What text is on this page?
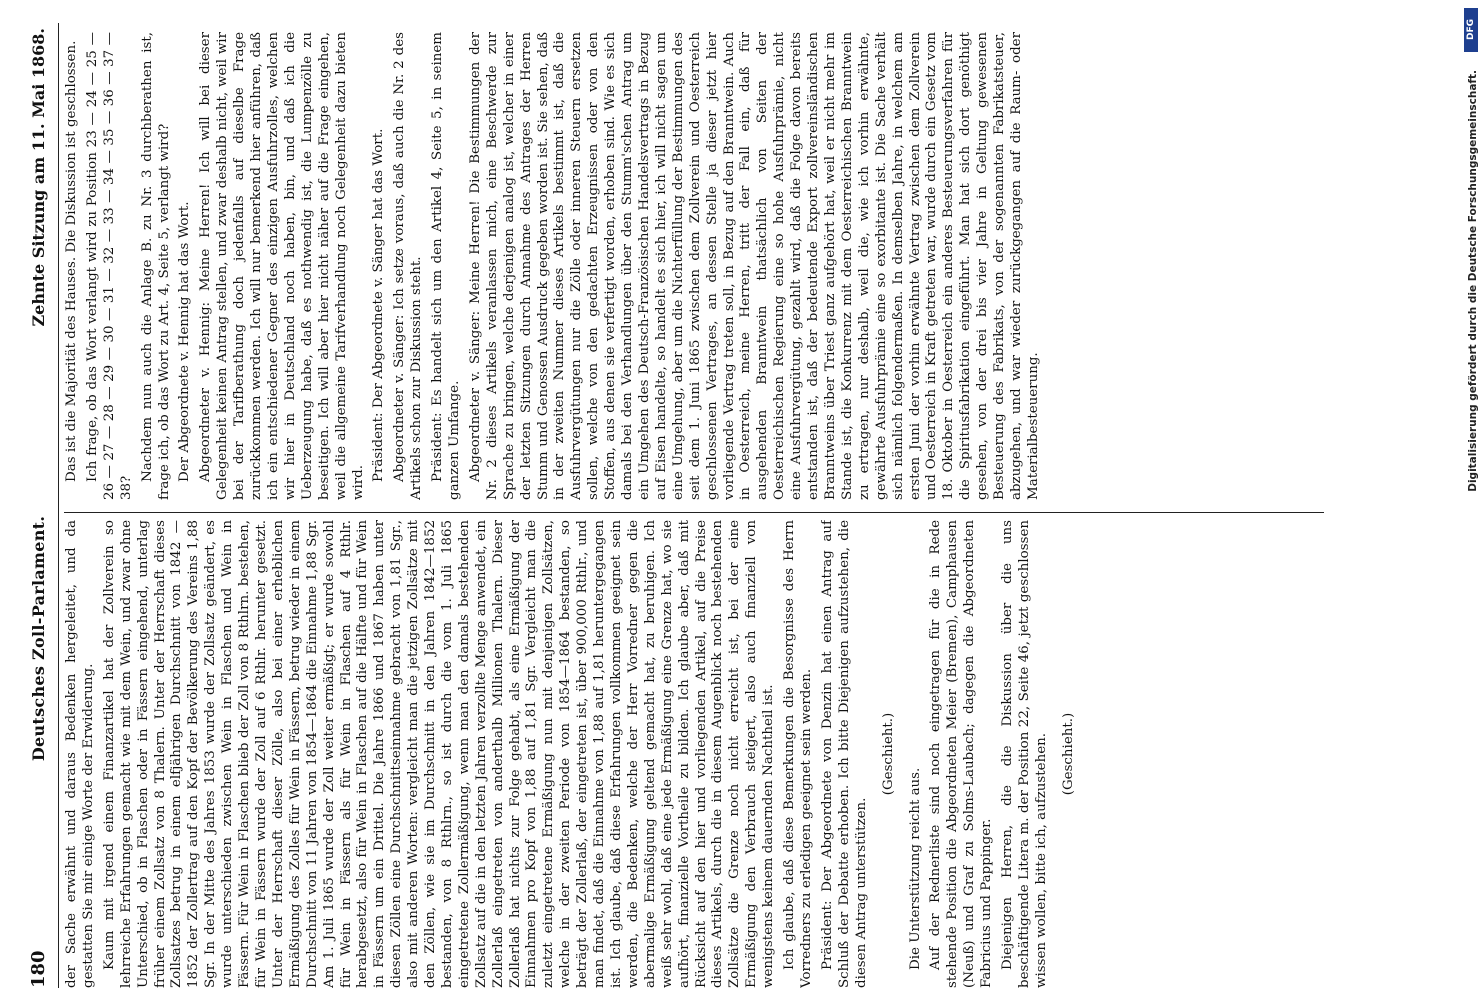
180
Deutsches Zoll-Parlament.
Zehnte Sitzung am 11. Mai 1868.

der Sache erwähnt und daraus Bedenken hergeleitet, und da gestatten Sie mir einige Worte der Erwiderung. Kaum mit irgend einem Finanzartikel hat der Zollverein so lehrreiche Erfahrungen gemacht wie mit dem Wein, und zwar ohne Unterschied, ob in Flaschen oder in Fässern eingehend, unterlag früher einem Zollsatz von 8 Thalern. Unter der Herrschaft dieses Zollsatzes betrug in einem elfjährigen Durchschnitt von 1842 — 1852 der Zollertrag auf den Kopf der Bevölkerung des Vereins 1,88 Sgr. In der Mitte des Jahres 1853 wurde der Zollsatz geändert, es wurde unterschieden zwischen Wein in Flaschen und Wein in Fässern. Für Wein in Flaschen blieb der Zoll von 8 Rthlrn. bestehen, für Wein in Fässern wurde der Zoll auf 6 Rthlr. herunter gesetzt. Unter der Herrschaft dieser Zölle, also bei einer erheblichen Ermäßigung des Zolles für Wein in Fässern, betrug wieder in einem Durchschnitt von 11 Jahren von 1854—1864 die Einnahme 1,88 Sgr. Am 1. Juli 1865 wurde der Zoll weiter ermäßigt; er wurde sowohl für Wein in Fässern als für Wein in Flaschen auf 4 Rthlr. herabgesetzt, also für Wein in Flaschen auf die Hälfte und für Wein in Fässern um ein Drittel. Die Jahre 1866 und 1867 haben unter diesen Zöllen eine Durchschnittseinnahme gebracht von 1,81 Sgr., also mit anderen Worten: vergleicht man die jetzigen Zollsätze mit den Zöllen, wie sie im Durchschnitt in den Jahren 1842—1852 bestanden, von 8 Rthlrn., so ist durch die vom 1. Juli 1865 eingetretene Zollermäßigung, wenn man den damals bestehenden Zollsatz auf die in den letzten Jahren verzollte Menge anwendet, ein Zollerlaß eingetreten von anderthalb Millionen Thalern. Dieser Zollerlaß hat nichts zur Folge gehabt, als eine Ermäßigung der Einnahmen pro Kopf von 1,88 auf 1,81 Sgr. Vergleicht man die zuletzt eingetretene Ermäßigung nun mit denjenigen Zollsätzen, welche in der zweiten Periode von 1854—1864 bestanden, so beträgt der Zollerlaß, der eingetreten ist, über 900,000 Rthlr., und man findet, daß die Einnahme von 1,88 auf 1,81 heruntergegangen ist. Ich glaube, daß diese Erfahrungen vollkommen geeignet sein werden, die Bedenken, welche der Herr Vorredner gegen die abermalige Ermäßigung geltend gemacht hat, zu beruhigen. Ich weiß sehr wohl, daß eine jede Ermäßigung eine Grenze hat, wo sie aufhört, finanzielle Vortheile zu bilden. Ich glaube aber, daß mit Rücksicht auf den hier und vorliegenden Artikel, auf die Preise dieses Artikels, durch die in diesem Augenblick noch bestehenden Zollsätze die Grenze noch nicht erreicht ist, bei der eine Ermäßigung den Verbrauch steigert, also auch finanziell von wenigstens keinem dauernden Nachtheil ist. Ich glaube, daß diese Bemerkungen die Besorgnisse des Herrn Vorredners zu erledigen geeignet sein werden. Präsident: Der Abgeordnete von Denzin hat einen Antrag auf Schluß der Debatte erhoben. Ich bitte Diejenigen aufzustehen, die diesen Antrag unterstützen.

(Geschieht.)

Die Unterstützung reicht aus. Auf der Rednerliste sind noch eingetragen für die in Rede stehende Position die Abgeordneten Meier (Bremen), Camphausen (Neuß) und Graf zu Solms-Laubach; dagegen die Abgeordneten Fabricius und Pappinger. Diejenigen Herren, die die Diskussion über die uns beschäftigende Litera m. der Position 22, Seite 46, jetzt geschlossen wissen wollen, bitte ich, aufzustehen. (Geschieht.)

Das ist die Majorität des Hauses. Die Diskussion ist geschlossen. Ich frage, ob das Wort verlangt wird zu Position 23 — 24 — 25 — 26 — 27 — 28 — 29 — 30 — 31 — 32 — 33 — 34 — 35 — 36 — 37 — 38?

Nachdem nun auch die Anlage B. zu Nr. 3 durchberathen ist, frage ich, ob das Wort zu Art. 4, Seite 5, verlangt wird? Der Abgeordnete v. Hennig hat das Wort. Abgeordneter v. Hennig: Meine Herren! Ich will bei dieser Gelegenheit keinen Antrag stellen, und zwar deshalb nicht, weil wir bei der Tarifberathung doch jedenfalls auf dieselbe Frage zurückkommen werden. Ich will nur bemerkend hier anführen, daß ich ein entschiedener Gegner des einzigen Ausfuhrzolles, welchen wir hier in Deutschland noch haben, bin, und daß ich die Ueberzeugung habe, daß es nothwendig ist, die Lumpenzölle zu beseitigen. Ich will aber hier nicht näher auf die Frage eingehen, weil die allgemeine Tarifverhandlung noch Gelegenheit dazu bieten wird.

Präsident: Der Abgeordnete v. Sänger hat das Wort. Abgeordneter v. Sänger: Ich setze voraus, daß auch die Nr. 2 des Artikels schon zur Diskussion steht. Präsident: Es handelt sich um den Artikel 4, Seite 5, in seinem ganzen Umfange. Abgeordneter v. Sänger: Meine Herren! Die Bestimmungen der Nr. 2 dieses Artikels veranlassen mich, eine Beschwerde zur Sprache zu bringen, welche derjenigen analog ist, welcher in einer der letzten Sitzungen durch Annahme des Antrages der Herren Stumm und Genossen Ausdruck gegeben worden ist. Sie sehen, daß in der zweiten Nummer dieses Artikels bestimmt ist, daß die Ausfuhrvergütungen nur die Zölle oder inneren Steuern ersetzen sollen, welche von den gedachten Erzeugnissen oder von den Stoffen, aus denen sie verfertigt worden, erhoben sind. Wie es sich damals bei den Verhandlungen über den Stumm'schen Antrag um ein Umgehen des Deutsch-Französischen Handelsvertrags in Bezug auf Eisen handelte, so handelt es sich hier, ich will nicht sagen um eine Umgehung, aber um die Nichterfüllung der Bestimmungen des seit dem 1. Juni 1865 zwischen dem Zollverein und Oesterreich geschlossenen Vertrages, an dessen Stelle ja dieser jetzt hier vorliegende Vertrag treten soll, in Bezug auf den Branntwein. Auch in Oesterreich, meine Herren, tritt der Fall ein, daß für ausgehenden Branntwein thatsächlich von Seiten der Oesterreichischen Regierung eine so hohe Ausfuhrprämie, nicht eine Ausfuhrvergütung, gezahlt wird, daß die Folge davon bereits entstanden ist, daß der bedeutende Export zollvereinsländischen Branntweins über Triest ganz aufgehört hat, weil er nicht mehr im Stande ist, die Konkurrenz mit dem Oesterreichischen Branntwein zu ertragen, nur deshalb, weil die, wie ich vorhin erwähnte, gewährte Ausfuhrprämie eine so exorbitante ist. Die Sache verhält sich nämlich folgendermaßen. In demselben Jahre, in welchem am ersten Juni der vorhin erwähnte Vertrag zwischen dem Zollverein und Oesterreich in Kraft getreten war, wurde durch ein Gesetz vom 18. Oktober in Oesterreich ein anderes Besteuerungsverfahren für die Spiritusfabrikation eingeführt. Man hat sich dort genöthigt gesehen, von der drei bis vier Jahre in Geltung gewesenen Besteuerung des Fabrikats, von der sogenannten Fabrikatsteuer, abzugehen, und war wieder zurückgegangen auf die Raum- oder Materialbesteuerung.

DFG
Digitalisierung gefördert durch die Deutsche Forschungsgemeinschaft.
